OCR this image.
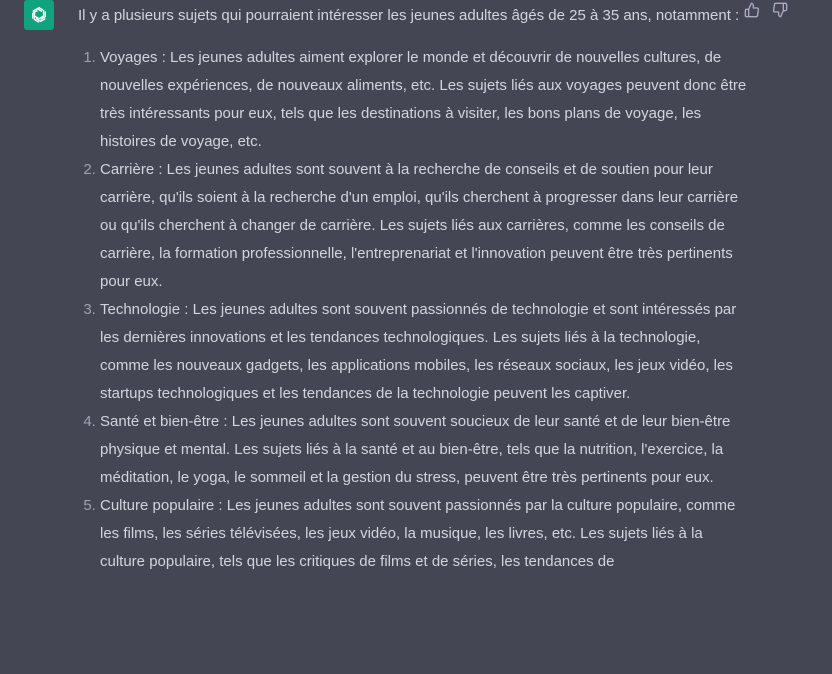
Il y a plusieurs sujets qui pourraient intéresser les jeunes adultes âgés de 25 à 35 ans, notamment :

1. Voyages : Les jeunes adultes aiment explorer le monde et découvrir de nouvelles cultures, de nouvelles expériences, de nouveaux aliments, etc. Les sujets liés aux voyages peuvent donc être très intéressants pour eux, tels que les destinations à visiter, les bons plans de voyage, les histoires de voyage, etc.
2. Carrière : Les jeunes adultes sont souvent à la recherche de conseils et de soutien pour leur carrière, qu'ils soient à la recherche d'un emploi, qu'ils cherchent à progresser dans leur carrière ou qu'ils cherchent à changer de carrière. Les sujets liés aux carrières, comme les conseils de carrière, la formation professionnelle, l'entreprenariat et l'innovation peuvent être très pertinents pour eux.
3. Technologie : Les jeunes adultes sont souvent passionnés de technologie et sont intéressés par les dernières innovations et les tendances technologiques. Les sujets liés à la technologie, comme les nouveaux gadgets, les applications mobiles, les réseaux sociaux, les jeux vidéo, les startups technologiques et les tendances de la technologie peuvent les captiver.
4. Santé et bien-être : Les jeunes adultes sont souvent soucieux de leur santé et de leur bien-être physique et mental. Les sujets liés à la santé et au bien-être, tels que la nutrition, l'exercice, la méditation, le yoga, le sommeil et la gestion du stress, peuvent être très pertinents pour eux.
5. Culture populaire : Les jeunes adultes sont souvent passionnés par la culture populaire, comme les films, les séries télévisées, les jeux vidéo, la musique, les livres, etc. Les sujets liés à la culture populaire, tels que les critiques de films et de séries, les tendances de
